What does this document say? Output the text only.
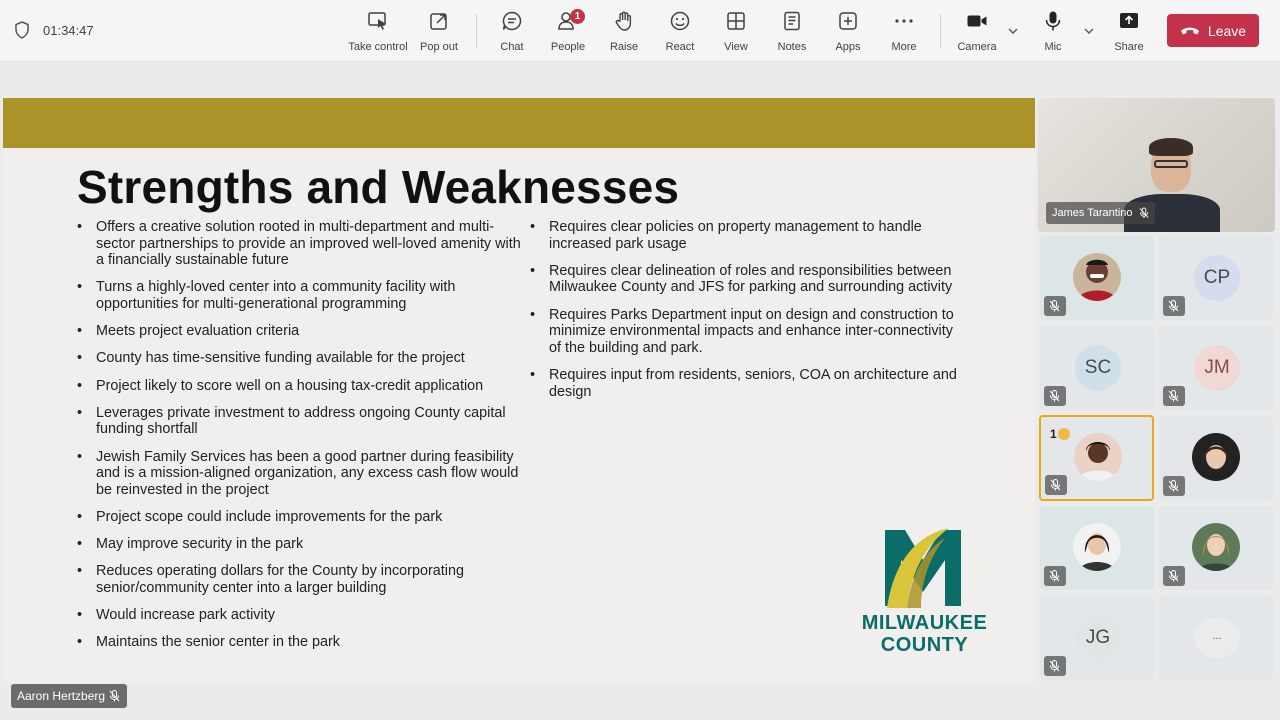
01:34:47
Take control	Pop out	Chat
1
People	Raise	React	View	Notes	Apps	More	Camera	Mic	Share
Leave
Strengths and Weaknesses
• Offers a creative solution rooted in multi-department and multi-sector partnerships to provide an improved well-loved amenity with a financially sustainable future
• Turns a highly-loved center into a community facility with opportunities for multi-generational programming
• Meets project evaluation criteria
• County has time-sensitive funding available for the project
• Project likely to score well on a housing tax-credit application
• Leverages private investment to address ongoing County capital funding shortfall
• Jewish Family Services has been a good partner during feasibility and is a mission-aligned organization, any excess cash flow would be reinvested in the project
• Project scope could include improvements for the park
• May improve security in the park
• Reduces operating dollars for the County by incorporating senior/community center into a larger building
• Would increase park activity
• Maintains the senior center in the park
• Requires clear policies on property management to handle increased park usage
• Requires clear delineation of roles and responsibilities between Milwaukee County and JFS for parking and surrounding activity
• Requires Parks Department input on design and construction to minimize environmental impacts and enhance inter-connectivity of the building and park.
• Requires input from residents, seniors, COA on architecture and design
MILWAUKEE
COUNTY
Aaron Hertzberg
James Tarantino
CP
SC	JM
1
JG	...
